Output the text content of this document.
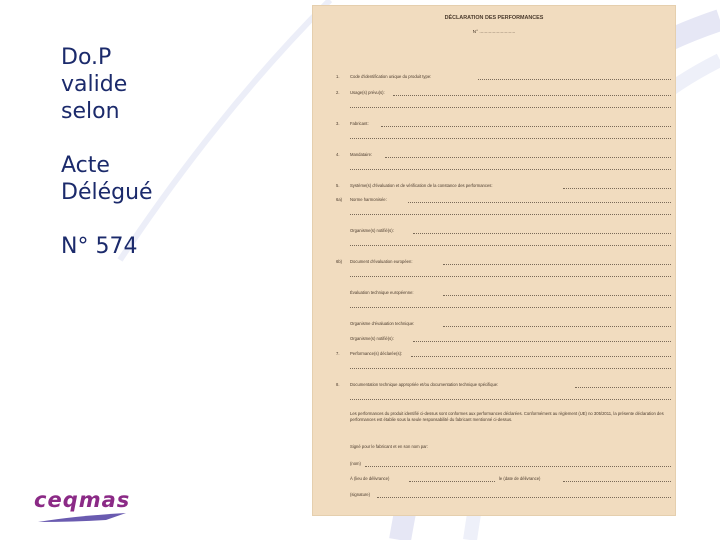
Do.P
valide
selon
Acte
Délégué
N° 574
ceqmas
DÉCLARATION DES PERFORMANCES
N° ...........................
1.	Code d'identification unique du produit type:
2.	Usage(s) prévu(s):
3.	Fabricant:
4.	Mandataire:
5.	Système(s) d'évaluation et de vérification de la constance des performances:
6a) Norme harmonisée:
Organisme(s) notifié(s):
6b) Document d'évaluation européen:
Évaluation technique européenne:
Organisme d'évaluation technique:
Organisme(s) notifié(s):
7.	Performance(s) déclarée(s):
8.	Documentation technique appropriée et/ou documentation technique spécifique:
Les performances du produit identifié ci-dessus sont conformes aux performances déclarées. Conformément au règlement (UE) no 305/2011, la présente déclaration des performances est établie sous la seule responsabilité du fabricant mentionné ci-dessus.
Signé pour le fabricant et en son nom par:
(nom)
À (lieu de délivrance)	le (date de délivrance)
(signature)
